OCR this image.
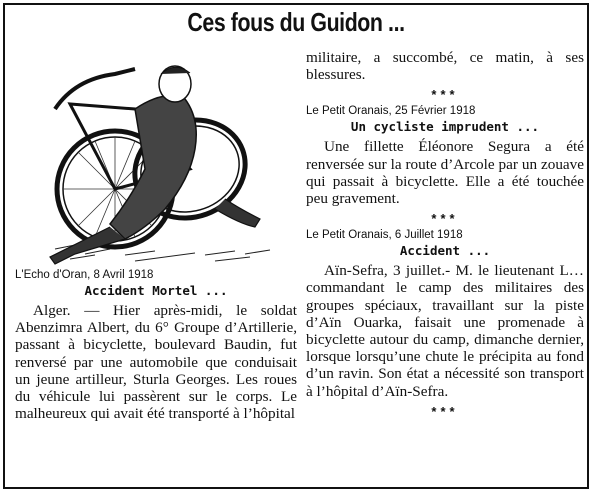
Ces fous du Guidon ...

L'Echo d'Oran, 8 Avril 1918

Accident Mortel ...

Alger. — Hier après-midi, le soldat Abenzimra Albert, du 6° Groupe d’Artillerie, passant à bicyclette, boulevard Baudin, fut renversé par une automobile que conduisait un jeune artilleur, Sturla Georges. Les roues du véhicule lui passèrent sur le corps. Le malheureux qui avait été transporté à l’hôpital

militaire, a succombé, ce matin, à ses blessures.

***

Le Petit Oranais, 25 Février 1918

Un cycliste imprudent ...

Une fillette Éléonore Segura a été renversée sur la route d’Arcole par un zouave qui passait à bicyclette. Elle a été touchée peu gravement.

***

Le Petit Oranais, 6 Juillet 1918

Accident ...

Aïn-Sefra, 3 juillet.- M. le lieutenant L… commandant le camp des militaires des groupes spéciaux, travaillant sur la piste d’Aïn Ouarka, faisait une promenade à bicyclette autour du camp, dimanche dernier, lorsque lorsqu’une chute le précipita au fond d’un ravin. Son état a nécessité son transport à l’hôpital d’Aïn-Sefra.

***
